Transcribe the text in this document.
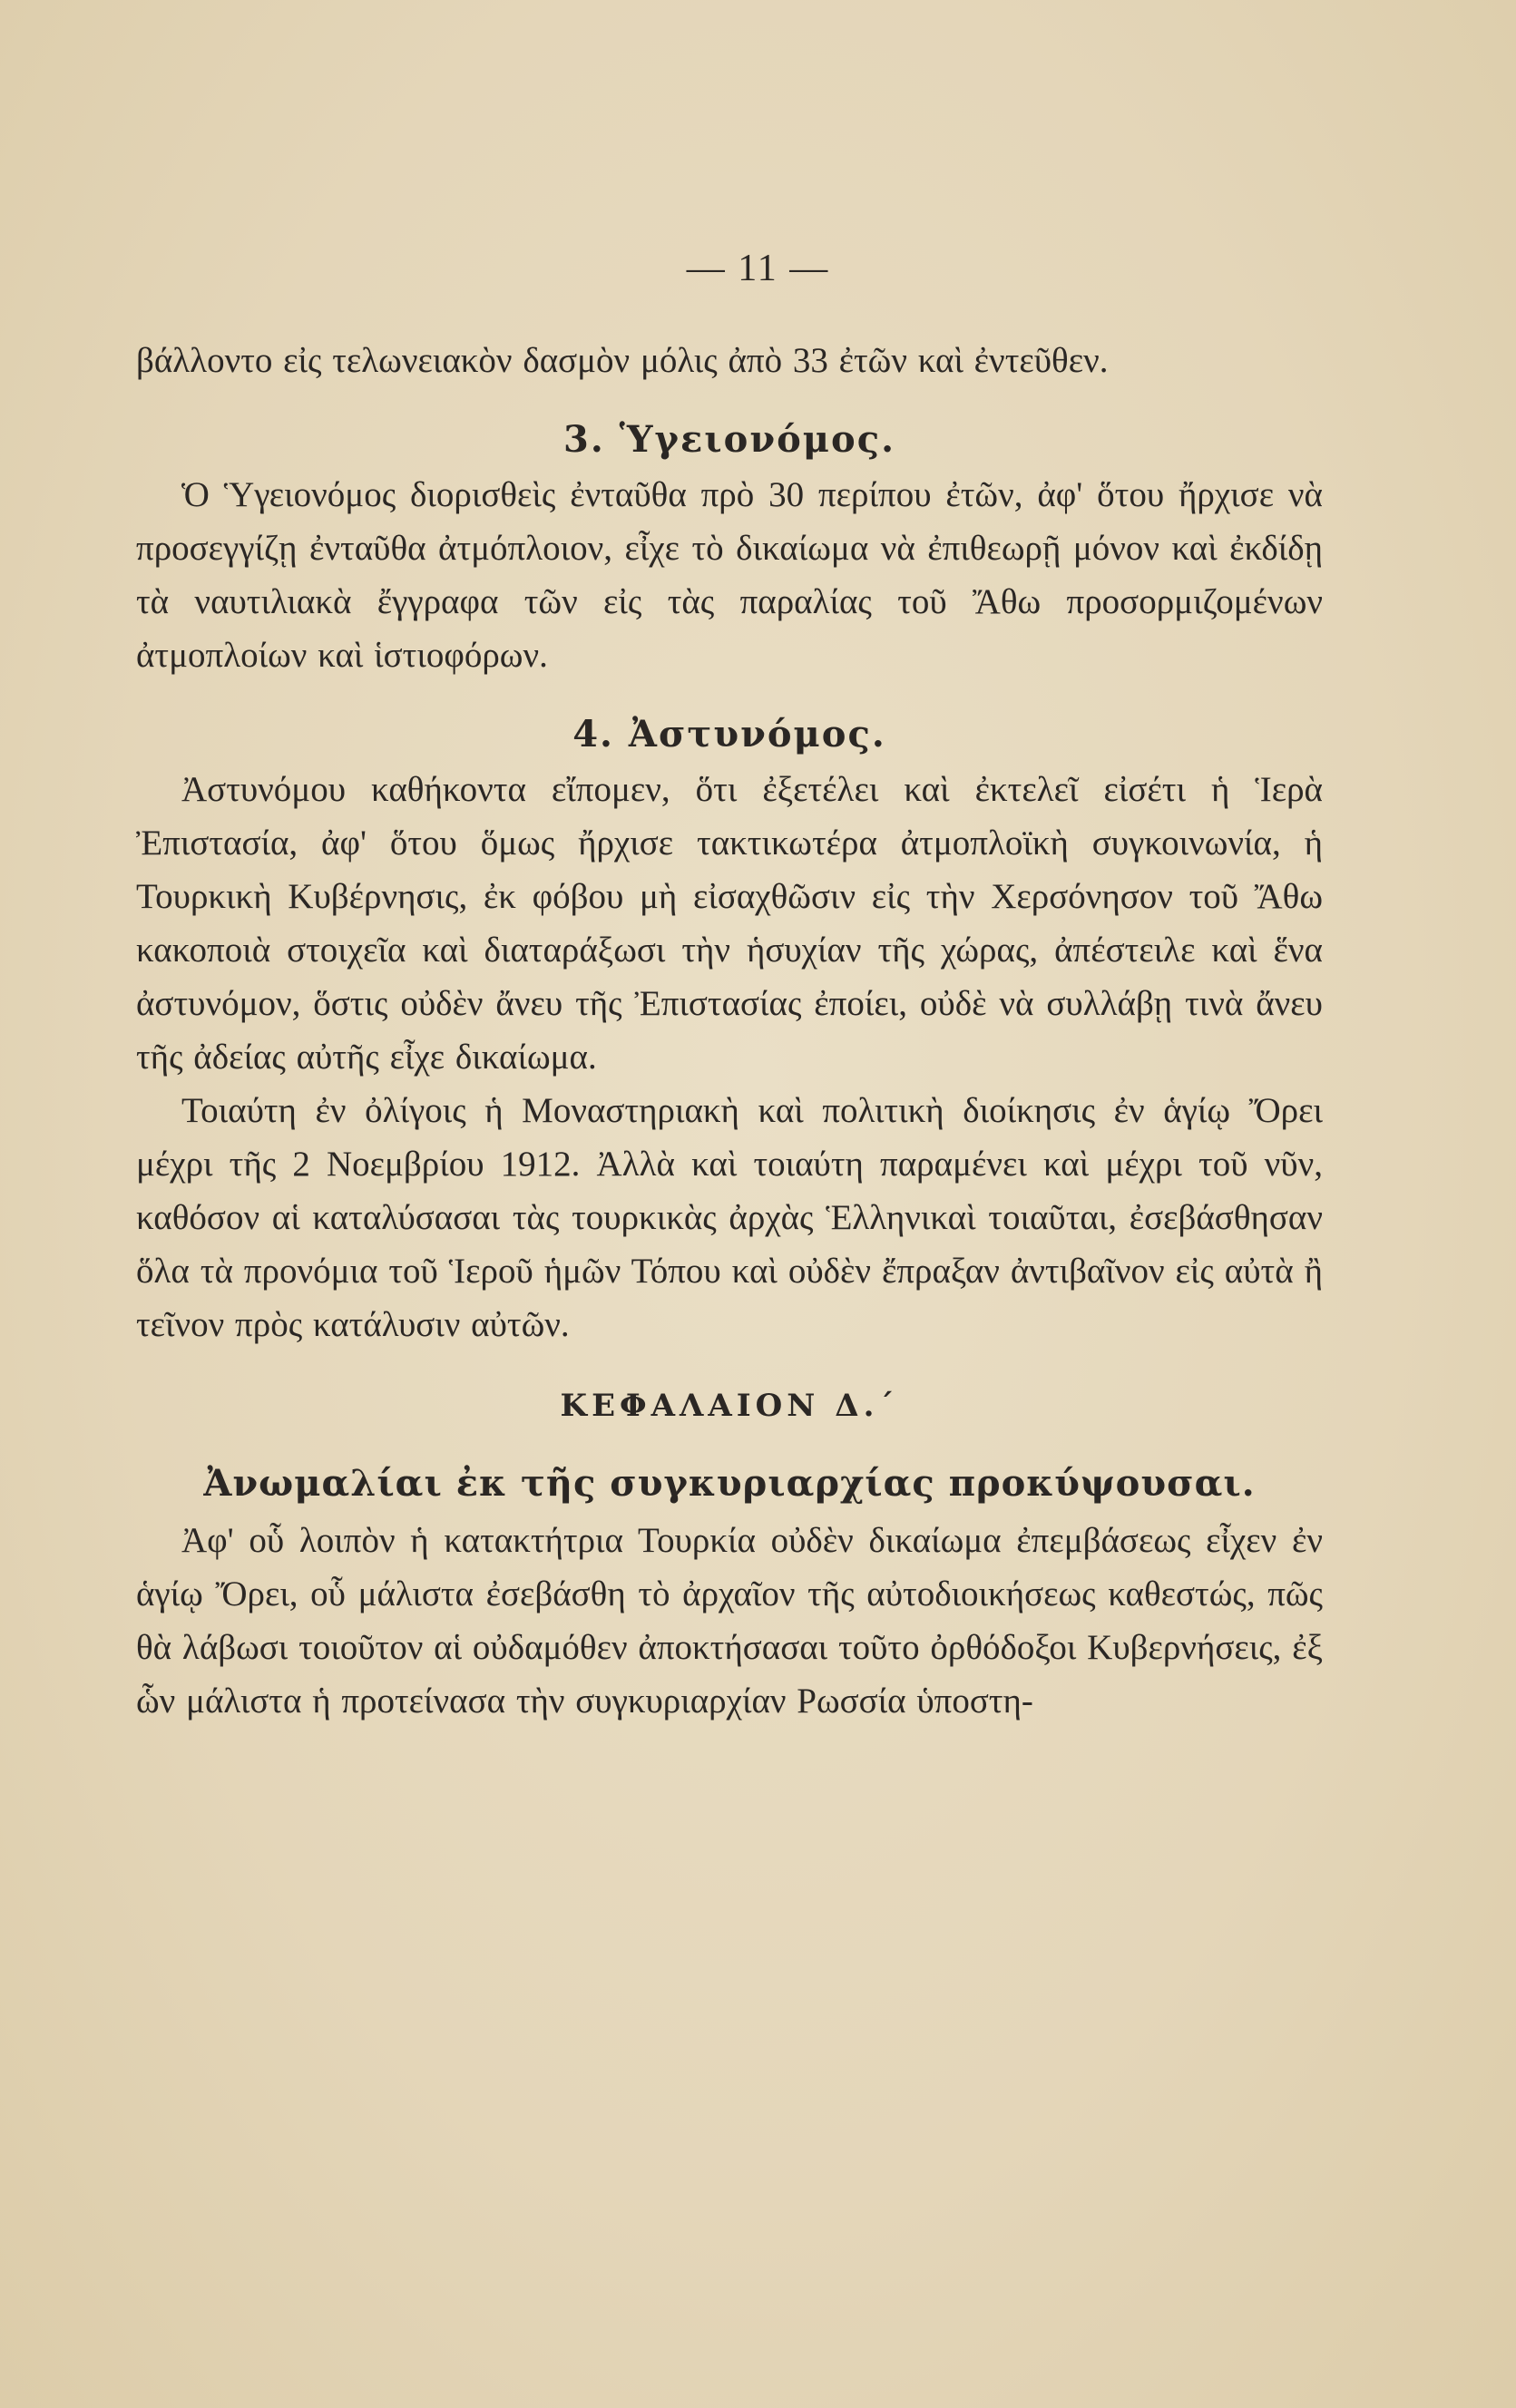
— 11 —

βάλλοντο εἰς τελωνειακὸν δασμὸν μόλις ἀπὸ 33 ἐτῶν καὶ ἐντεῦθεν.

3. Ὑγειονόμος.

Ὁ Ὑγειονόμος διορισθεὶς ἐνταῦθα πρὸ 30 περίπου ἐτῶν, ἀφ' ὅτου ἤρχισε νὰ προσεγγίζῃ ἐνταῦθα ἀτμόπλοιον, εἶχε τὸ δικαίωμα νὰ ἐπιθεωρῇ μόνον καὶ ἐκδίδῃ τὰ ναυτιλιακὰ ἔγγραφα τῶν εἰς τὰς παραλίας τοῦ Ἄθω προσορμιζομένων ἀτμοπλοίων καὶ ἱστιοφόρων.

4. Ἀστυνόμος.

Ἀστυνόμου καθήκοντα εἴπομεν, ὅτι ἐξετέλει καὶ ἐκτελεῖ εἰσέτι ἡ Ἱερὰ Ἐπιστασία, ἀφ' ὅτου ὅμως ἤρχισε τακτικωτέρα ἀτμοπλοϊκὴ συγκοινωνία, ἡ Τουρκικὴ Κυβέρνησις, ἐκ φόβου μὴ εἰσαχθῶσιν εἰς τὴν Χερσόνησον τοῦ Ἄθω κακοποιὰ στοιχεῖα καὶ διαταράξωσι τὴν ἡσυχίαν τῆς χώρας, ἀπέστειλε καὶ ἕνα ἀστυνόμον, ὅστις οὐδὲν ἄνευ τῆς Ἐπιστασίας ἐποίει, οὐδὲ νὰ συλλάβῃ τινὰ ἄνευ τῆς ἀδείας αὐτῆς εἶχε δικαίωμα.

Τοιαύτη ἐν ὀλίγοις ἡ Μοναστηριακὴ καὶ πολιτικὴ διοίκησις ἐν ἁγίῳ Ὄρει μέχρι τῆς 2 Νοεμβρίου 1912. Ἀλλὰ καὶ τοιαύτη παραμένει καὶ μέχρι τοῦ νῦν, καθόσον αἱ καταλύσασαι τὰς τουρκικὰς ἀρχὰς Ἑλληνικαὶ τοιαῦται, ἐσεβάσθησαν ὅλα τὰ προνόμια τοῦ Ἱεροῦ ἡμῶν Τόπου καὶ οὐδὲν ἔπραξαν ἀντιβαῖνον εἰς αὐτὰ ἢ τεῖνον πρὸς κατάλυσιν αὐτῶν.

ΚΕΦΑΛΑΙΟΝ Δ.΄
Ἀνωμαλίαι ἐκ τῆς συγκυριαρχίας προκύψουσαι.

Ἀφ' οὗ λοιπὸν ἡ κατακτήτρια Τουρκία οὐδὲν δικαίωμα ἐπεμβάσεως εἶχεν ἐν ἁγίῳ Ὄρει, οὗ μάλιστα ἐσεβάσθη τὸ ἀρχαῖον τῆς αὐτοδιοικήσεως καθεστώς, πῶς θὰ λάβωσι τοιοῦτον αἱ οὐδαμόθεν ἀποκτήσασαι τοῦτο ὀρθόδοξοι Κυβερνήσεις, ἐξ ὧν μάλιστα ἡ προτείνασα τὴν συγκυριαρχίαν Ρωσσία ὑποστη-
